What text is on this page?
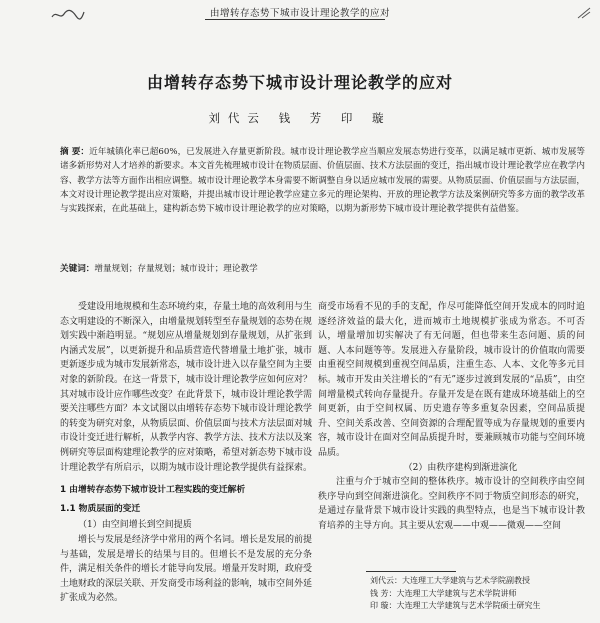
由增转存态势下城市设计理论教学的应对
由增转存态势下城市设计理论教学的应对
刘代云 钱 芳 印 璇
摘 要：近年城镇化率已超60%，已发展进入存量更新阶段。城市设计理论教学应当顺应发展态势进行变革，以满足城市更新、城市发展等诸多新形势对人才培养的新要求。本文首先梳理城市设计在物质层面、价值层面、技术方法层面的变迁，指出城市设计理论教学应在教学内容、教学方法等方面作出相应调整。城市设计理论教学本身需要不断调整自身以适应城市发展的需要。从物质层面、价值层面与方法层面，本文对设计理论教学提出应对策略，并提出城市设计理论教学应建立多元的理论架构、开放的理论教学方法及案例研究等多方面的教学改革与实践探索，在此基础上，建构新态势下城市设计理论教学的应对策略，以期为新形势下城市设计理论教学提供有益借鉴。
关键词：增量规划；存量规划；城市设计；理论教学

受建设用地规模和生态环境约束，存量土地的高效利用与生态文明建设的不断深入，由增量规划转型至存量规划的态势在规划实践中渐趋明显。“规划应从增量规划到存量规划，从扩张到内涵式发展”，以更新提升和品质营造代替增量土地扩张，城市更新逐步成为城市发展新常态，城市设计进入以存量空间为主要对象的新阶段。在这一背景下，城市设计理论教学应如何应对？其对城市设计应作哪些改变？在此背景下，城市设计理论教学需要关注哪些方面？本文试图以由增转存态势下城市设计理论教学的转变为研究对象，从物质层面、价值层面与技术方法层面对城市设计变迁进行解析，从教学内容、教学方法、技术方法以及案例研究等层面构建理论教学的应对策略，希望对新态势下城市设计理论教学有所启示，以期为城市设计理论教学提供有益探索。

1 由增转存态势下城市设计工程实践的变迁解析
1.1 物质层面的变迁

（1）由空间增长到空间提质

增长与发展是经济学中常用的两个名词。增长是发展的前提与基础，发展是增长的结果与目的。但增长不是发展的充分条件，满足相关条件的增长才能导向发展。增量开发时期，政府受土地财政的深层关联、开发商受市场利益的影响，城市空间外延扩张成为必然。

商受市场看不见的手的支配，作尽可能降低空间开发成本的同时追逐经济效益的最大化，进而城市土地规模扩张成为常态。不可否认，增量增加切实解决了有无问题，但也带来生态问题、质的问题、人本问题等等。发展进入存量阶段，城市设计的价值取向需要由重视空间规模到重视空间品质，注重生态、人本、文化等多元目标。城市开发由关注增长的“有无”逐步过渡到发展的“品质”，由空间增量模式转向存量提升。存量开发是在既有建成环境基础上的空间更新，由于空间权属、历史遗存等多重复杂因素，空间品质提升、空间关系改善、空间资源的合理配置等成为存量规划的重要内容，城市设计在面对空间品质提升时，要兼顾城市功能与空间环境品质。

（2）由秩序建构到渐进演化

注重与介于城市空间的整体秩序。城市设计的空间秩序由空间秩序导向到空间渐进演化。空间秩序不同于物质空间形态的研究，是通过存量背景下城市设计实践的典型特点，也是当下城市设计教育培养的主导方向。其主要从宏观——中观——微观——空间

刘代云：大连理工大学建筑与艺术学院副教授
钱 芳：大连理工大学建筑与艺术学院讲师
印 璇：大连理工大学建筑与艺术学院硕士研究生
